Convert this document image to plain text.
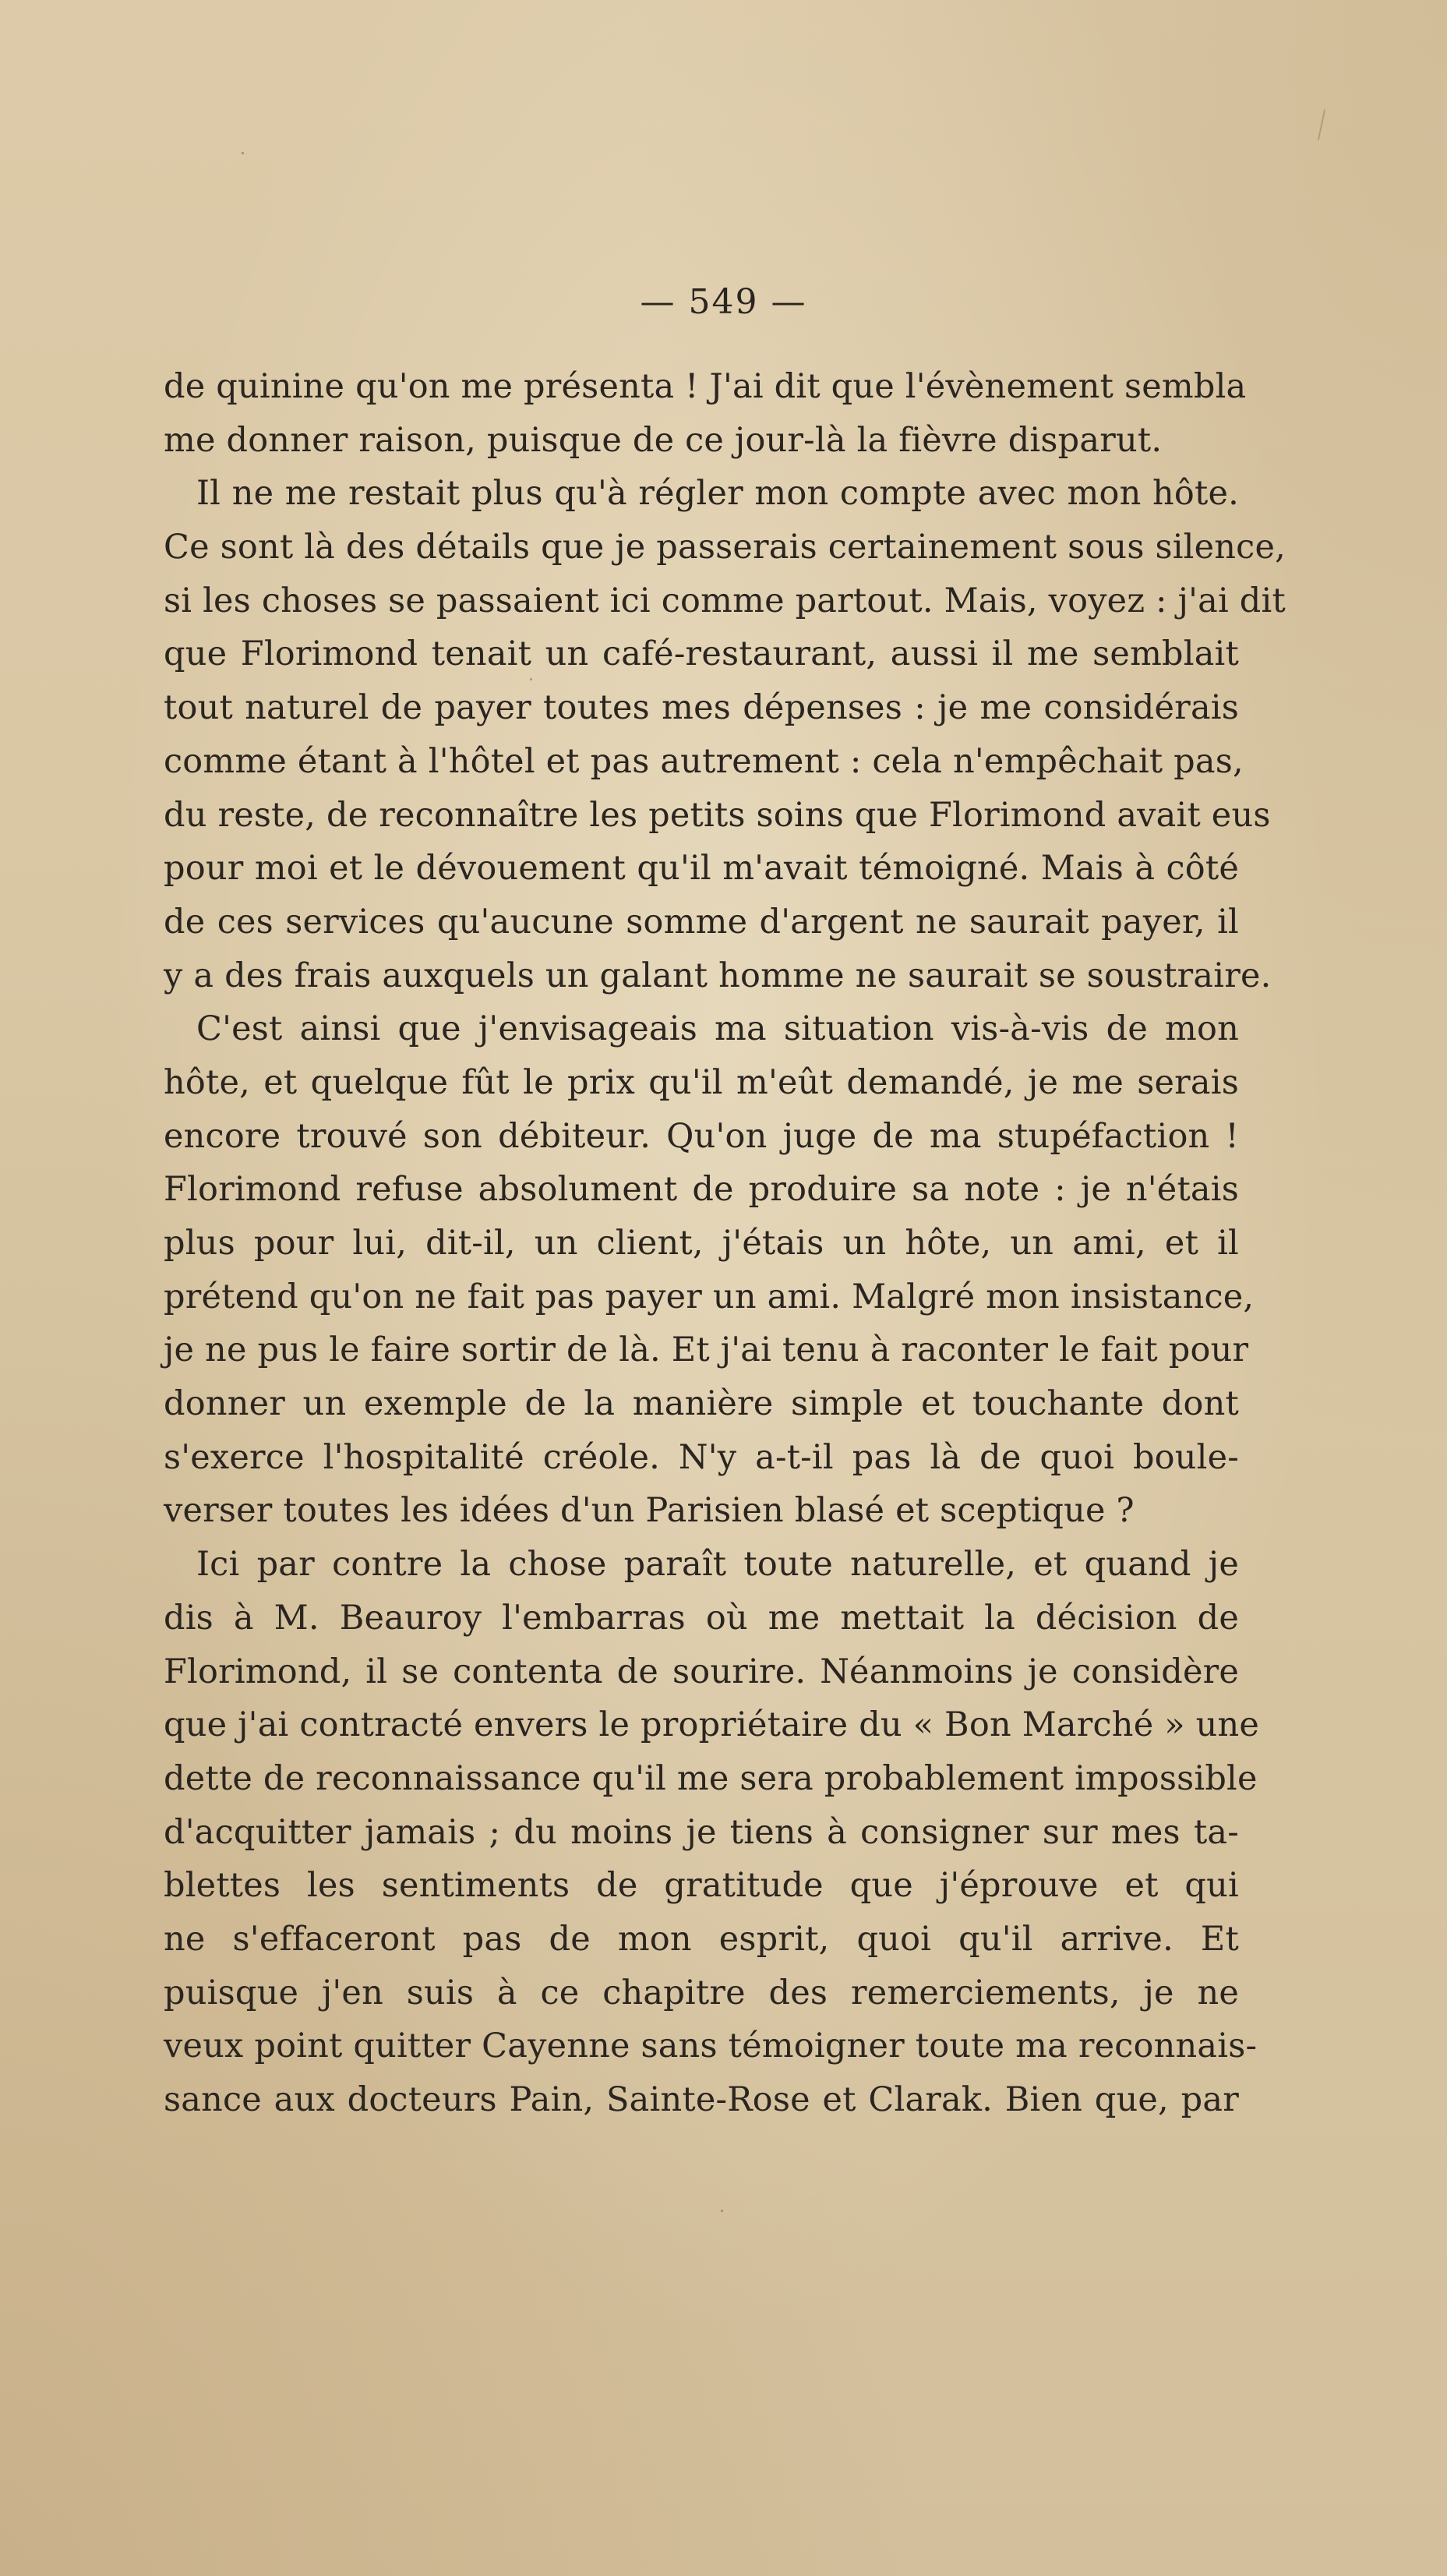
— 549 —
de quinine qu'on me présenta ! J'ai dit que l'évènement sembla
me donner raison, puisque de ce jour-là la fièvre disparut.
Il ne me restait plus qu'à régler mon compte avec mon hôte.
Ce sont là des détails que je passerais certainement sous silence,
si les choses se passaient ici comme partout. Mais, voyez : j'ai dit
que Florimond tenait un café-restaurant, aussi il me semblait
tout naturel de payer toutes mes dépenses : je me considérais
comme étant à l'hôtel et pas autrement : cela n'empêchait pas,
du reste, de reconnaître les petits soins que Florimond avait eus
pour moi et le dévouement qu'il m'avait témoigné. Mais à côté
de ces services qu'aucune somme d'argent ne saurait payer, il
y a des frais auxquels un galant homme ne saurait se soustraire.
C'est ainsi que j'envisageais ma situation vis-à-vis de mon
hôte, et quelque fût le prix qu'il m'eût demandé, je me serais
encore trouvé son débiteur. Qu'on juge de ma stupéfaction !
Florimond refuse absolument de produire sa note : je n'étais
plus pour lui, dit-il, un client, j'étais un hôte, un ami, et il
prétend qu'on ne fait pas payer un ami. Malgré mon insistance,
je ne pus le faire sortir de là. Et j'ai tenu à raconter le fait pour
donner un exemple de la manière simple et touchante dont
s'exerce l'hospitalité créole. N'y a-t-il pas là de quoi boule-
verser toutes les idées d'un Parisien blasé et sceptique ?
Ici par contre la chose paraît toute naturelle, et quand je
dis à M. Beauroy l'embarras où me mettait la décision de
Florimond, il se contenta de sourire. Néanmoins je considère
que j'ai contracté envers le propriétaire du « Bon Marché » une
dette de reconnaissance qu'il me sera probablement impossible
d'acquitter jamais ; du moins je tiens à consigner sur mes ta-
blettes les sentiments de gratitude que j'éprouve et qui
ne s'effaceront pas de mon esprit, quoi qu'il arrive. Et
puisque j'en suis à ce chapitre des remerciements, je ne
veux point quitter Cayenne sans témoigner toute ma reconnais-
sance aux docteurs Pain, Sainte-Rose et Clarak. Bien que, par
